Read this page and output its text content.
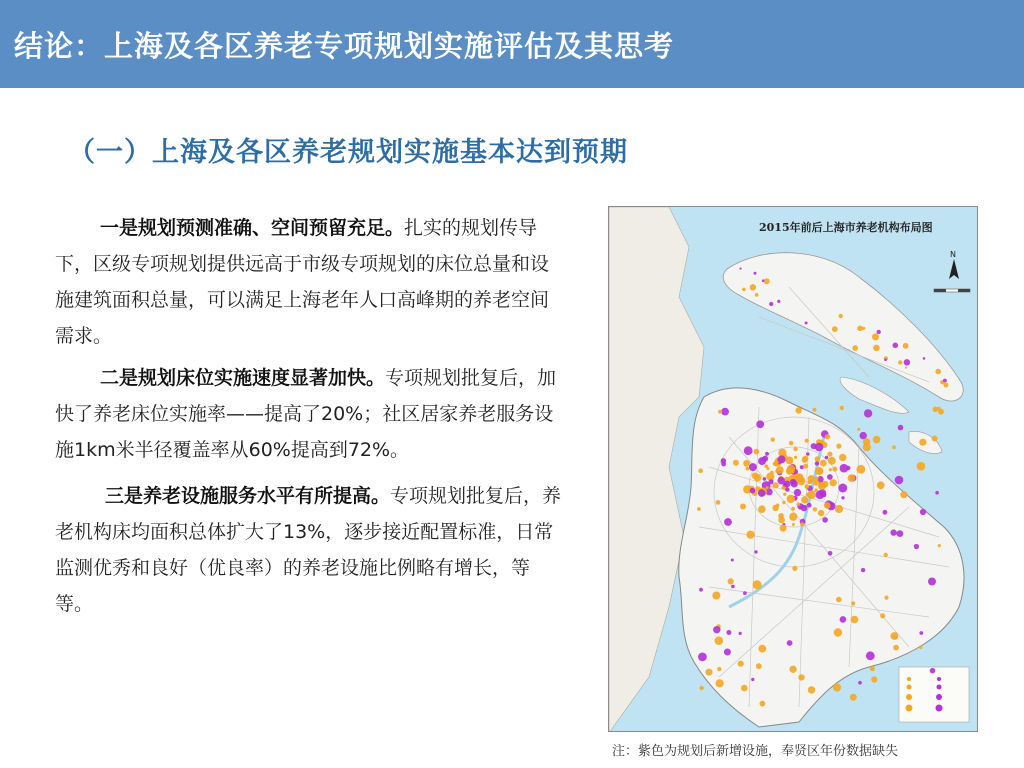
结论：上海及各区养老专项规划实施评估及其思考
（一）上海及各区养老规划实施基本达到预期
一是规划预测准确、空间预留充足。扎实的规划传导下，区级专项规划提供远高于市级专项规划的床位总量和设施建筑面积总量，可以满足上海老年人口高峰期的养老空间需求。
二是规划床位实施速度显著加快。专项规划批复后，加快了养老床位实施率——提高了20%；社区居家养老服务设施1km米半径覆盖率从60%提高到72%。
三是养老设施服务水平有所提高。专项规划批复后，养老机构床均面积总体扩大了13%，逐步接近配置标准，日常监测优秀和良好（优良率）的养老设施比例略有增长，等等。
N
2015年前后上海市养老机构布局图
注：紫色为规划后新增设施，奉贤区年份数据缺失
